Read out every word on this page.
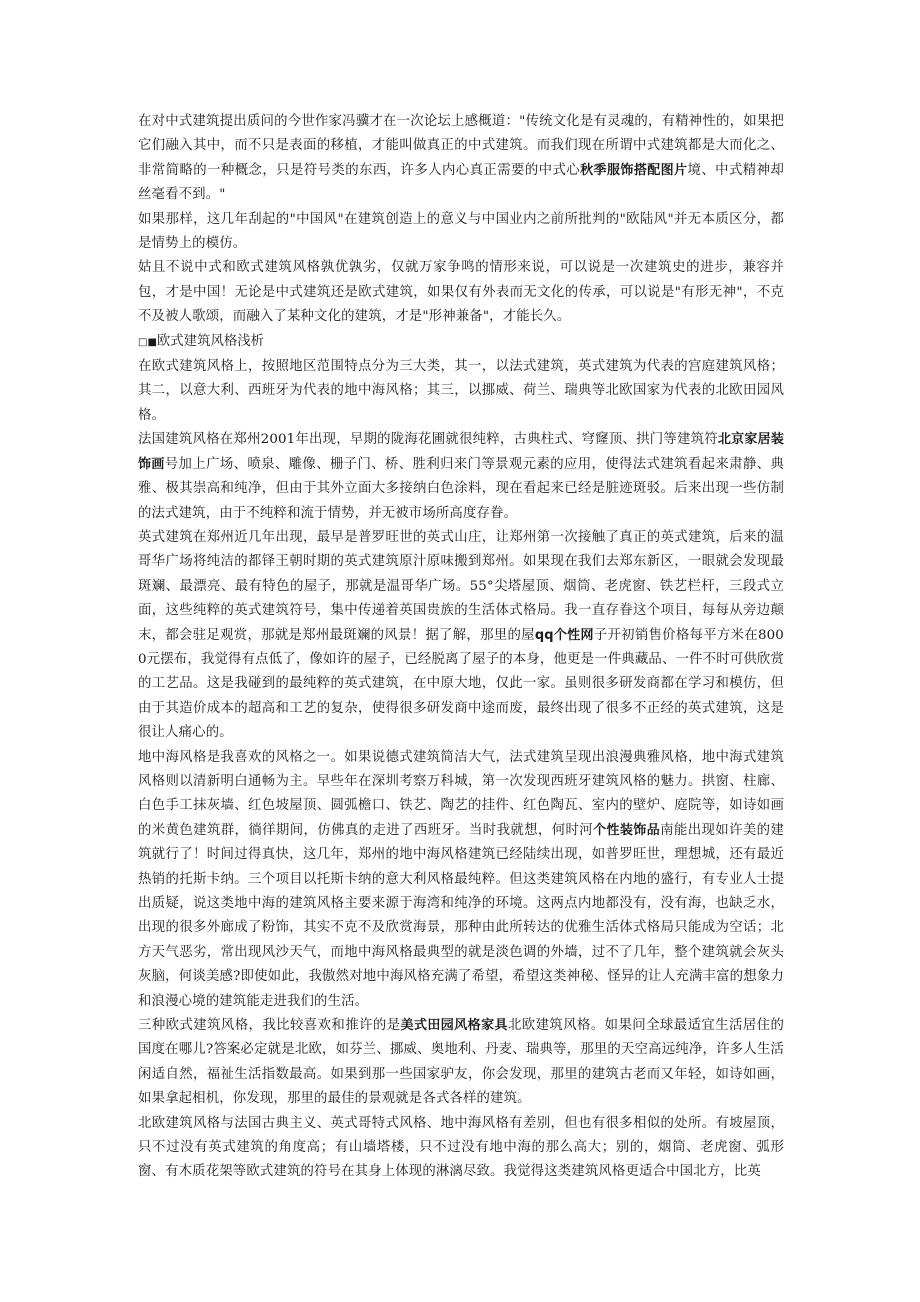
在对中式建筑提出质问的今世作家冯骥才在一次论坛上感概道："传统文化是有灵魂的，有精神性的，如果把它们融入其中，而不只是表面的移植，才能叫做真正的中式建筑。而我们现在所谓中式建筑都是大而化之、非常简略的一种概念，只是符号类的东西，许多人内心真正需要的中式心秋季服饰搭配图片境、中式精神却丝毫看不到。"

如果那样，这几年刮起的"中国风"在建筑创造上的意义与中国业内之前所批判的"欧陆风"并无本质区分，都是情势上的模仿。

姑且不说中式和欧式建筑风格孰优孰劣，仅就万家争鸣的情形来说，可以说是一次建筑史的进步，兼容并包，才是中国！无论是中式建筑还是欧式建筑，如果仅有外表而无文化的传承，可以说是"有形无神"，不克不及被人歌颂，而融入了某种文化的建筑，才是"形神兼备"，才能长久。

□■欧式建筑风格浅析

在欧式建筑风格上，按照地区范围特点分为三大类，其一，以法式建筑，英式建筑为代表的宫庭建筑风格；其二，以意大利、西班牙为代表的地中海风格；其三，以挪威、荷兰、瑞典等北欧国家为代表的北欧田园风格。

法国建筑风格在郑州2001年出现，早期的陇海花圃就很纯粹，古典柱式、穹窿顶、拱门等建筑符北京家居装饰画号加上广场、喷泉、雕像、栅子门、桥、胜利归来门等景观元素的应用，使得法式建筑看起来肃静、典雅、极其崇高和纯净，但由于其外立面大多接纳白色涂料，现在看起来已经是脏迹斑驳。后来出现一些仿制的法式建筑，由于不纯粹和流于情势，并无被市场所高度存眷。

英式建筑在郑州近几年出现，最早是普罗旺世的英式山庄，让郑州第一次接触了真正的英式建筑，后来的温哥华广场将纯洁的都铎王朝时期的英式建筑原汁原味搬到郑州。如果现在我们去郑东新区，一眼就会发现最斑斓、最漂亮、最有特色的屋子，那就是温哥华广场。55°尖塔屋顶、烟筒、老虎窗、铁艺栏杆，三段式立面，这些纯粹的英式建筑符号，集中传递着英国贵族的生活体式格局。我一直存眷这个项目，每每从旁边颠末，都会驻足观赏，那就是郑州最斑斓的风景！据了解，那里的屋qq个性网子开初销售价格每平方米在8000元摆布，我觉得有点低了，像如许的屋子，已经脱离了屋子的本身，他更是一件典藏品、一件不时可供欣赏的工艺品。这是我碰到的最纯粹的英式建筑，在中原大地，仅此一家。虽则很多研发商都在学习和模仿，但由于其造价成本的超高和工艺的复杂，使得很多研发商中途而废，最终出现了很多不正经的英式建筑，这是很让人痛心的。

地中海风格是我喜欢的风格之一。如果说德式建筑简洁大气，法式建筑呈现出浪漫典雅风格，地中海式建筑风格则以清新明白通畅为主。早些年在深圳考察万科城，第一次发现西班牙建筑风格的魅力。拱窗、柱廊、白色手工抹灰墙、红色坡屋顶、圆弧檐口、铁艺、陶艺的挂件、红色陶瓦、室内的壁炉、庭院等，如诗如画的米黄色建筑群，徜徉期间，仿佛真的走进了西班牙。当时我就想，何时河个性装饰品南能出现如许美的建筑就行了！时间过得真快，这几年，郑州的地中海风格建筑已经陆续出现，如普罗旺世，理想城，还有最近热销的托斯卡纳。三个项目以托斯卡纳的意大利风格最纯粹。但这类建筑风格在内地的盛行，有专业人士提出质疑，说这类地中海的建筑风格主要来源于海湾和纯净的环境。这两点内地都没有，没有海，也缺乏水，出现的很多外廊成了粉饰，其实不克不及欣赏海景，那种由此所转达的优雅生活体式格局只能成为空话；北方天气恶劣，常出现风沙天气，而地中海风格最典型的就是淡色调的外墙，过不了几年，整个建筑就会灰头灰脑，何谈美感?即使如此，我傲然对地中海风格充满了希望，希望这类神秘、怪异的让人充满丰富的想象力和浪漫心境的建筑能走进我们的生活。

三种欧式建筑风格，我比较喜欢和推许的是美式田园风格家具北欧建筑风格。如果问全球最适宜生活居住的国度在哪儿?答案必定就是北欧，如芬兰、挪威、奥地利、丹麦、瑞典等，那里的天空高远纯净，许多人生活闲适自然，福祉生活指数最高。如果到那一些国家驴友，你会发现，那里的建筑古老而又年轻，如诗如画，如果拿起相机，你发现，那里的最佳的景观就是各式各样的建筑。

北欧建筑风格与法国古典主义、英式哥特式风格、地中海风格有差别，但也有很多相似的处所。有坡屋顶，只不过没有英式建筑的角度高；有山墙塔楼，只不过没有地中海的那么高大；别的，烟筒、老虎窗、弧形窗、有木质花架等欧式建筑的符号在其身上体现的淋漓尽致。我觉得这类建筑风格更适合中国北方，比英
